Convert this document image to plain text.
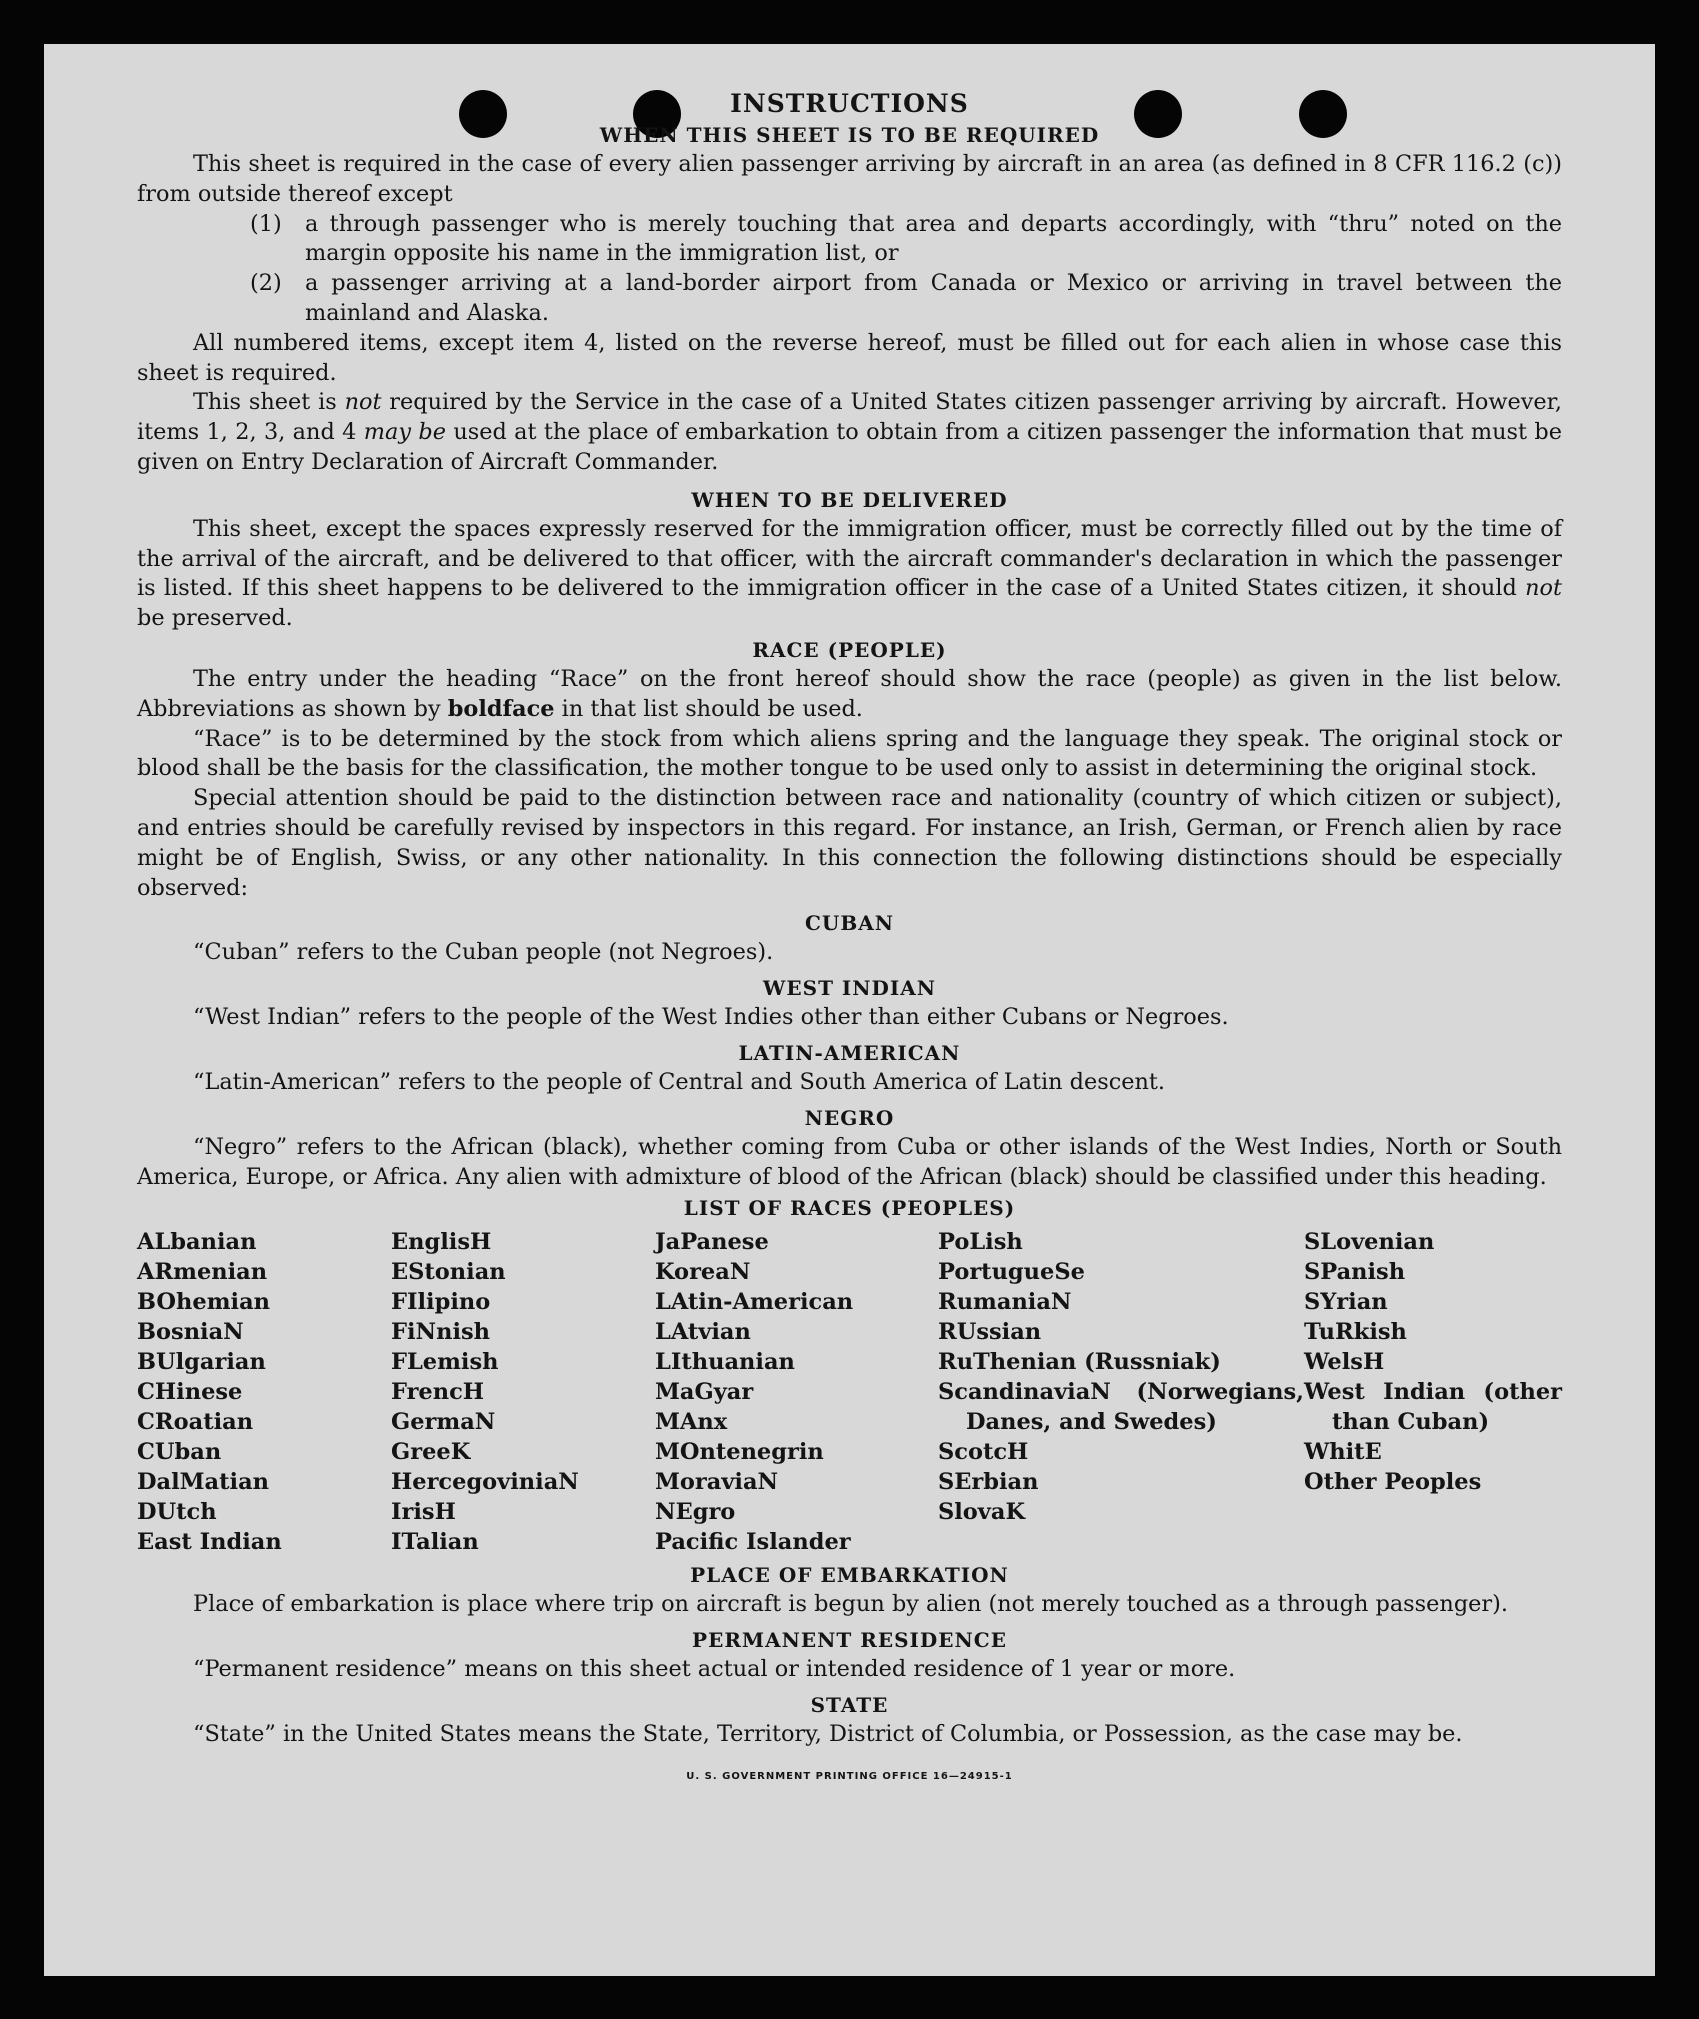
INSTRUCTIONS
WHEN THIS SHEET IS TO BE REQUIRED

This sheet is required in the case of every alien passenger arriving by aircraft in an area (as defined in 8 CFR 116.2 (c)) from outside thereof except

(1)	a through passenger who is merely touching that area and departs accordingly, with “thru” noted on the margin opposite his name in the immigration list, or
(2)	a passenger arriving at a land-border airport from Canada or Mexico or arriving in travel between the mainland and Alaska.

All numbered items, except item 4, listed on the reverse hereof, must be filled out for each alien in whose case this sheet is required.

This sheet is not required by the Service in the case of a United States citizen passenger arriving by aircraft. However, items 1, 2, 3, and 4 may be used at the place of embarkation to obtain from a citizen passenger the information that must be given on Entry Declaration of Aircraft Commander.

WHEN TO BE DELIVERED

This sheet, except the spaces expressly reserved for the immigration officer, must be correctly filled out by the time of the arrival of the aircraft, and be delivered to that officer, with the aircraft commander's declaration in which the passenger is listed. If this sheet happens to be delivered to the immigration officer in the case of a United States citizen, it should not be preserved.

RACE (PEOPLE)

The entry under the heading “Race” on the front hereof should show the race (people) as given in the list below. Abbreviations as shown by boldface in that list should be used.

“Race” is to be determined by the stock from which aliens spring and the language they speak. The original stock or blood shall be the basis for the classification, the mother tongue to be used only to assist in determining the original stock.

Special attention should be paid to the distinction between race and nationality (country of which citizen or subject), and entries should be carefully revised by inspectors in this regard. For instance, an Irish, German, or French alien by race might be of English, Swiss, or any other nationality. In this connection the following distinctions should be especially observed:

CUBAN

“Cuban” refers to the Cuban people (not Negroes).

WEST INDIAN

“West Indian” refers to the people of the West Indies other than either Cubans or Negroes.

LATIN-AMERICAN

“Latin-American” refers to the people of Central and South America of Latin descent.

NEGRO

“Negro” refers to the African (black), whether coming from Cuba or other islands of the West Indies, North or South America, Europe, or Africa. Any alien with admixture of blood of the African (black) should be classified under this heading.

LIST OF RACES (PEOPLES)
ALbanian
ARmenian
BOhemian
BosniaN
BUlgarian
CHinese
CRoatian
CUban
DalMatian
DUtch
East Indian
EnglisH
EStonian
FIlipino
FiNnish
FLemish
FrencH
GermaN
GreeK
HercegoviniaN
IrisH
ITalian
JaPanese
KoreaN
LAtin-American
LAtvian
LIthuanian
MaGyar
MAnx
MOntenegrin
MoraviaN
NEgro
Pacific Islander
PoLish
PortugueSe
RumaniaN
RUssian
RuThenian (Russniak)
ScandinaviaN (Norwegians, Danes, and Swedes)
ScotcH
SErbian
SlovaK
SLovenian
SPanish
SYrian
TuRkish
WelsH
West Indian (other than Cuban)
WhitE
Other Peoples
PLACE OF EMBARKATION

Place of embarkation is place where trip on aircraft is begun by alien (not merely touched as a through passenger).

PERMANENT RESIDENCE

“Permanent residence” means on this sheet actual or intended residence of 1 year or more.

STATE

“State” in the United States means the State, Territory, District of Columbia, or Possession, as the case may be.

U. S. GOVERNMENT PRINTING OFFICE 16—24915-1
